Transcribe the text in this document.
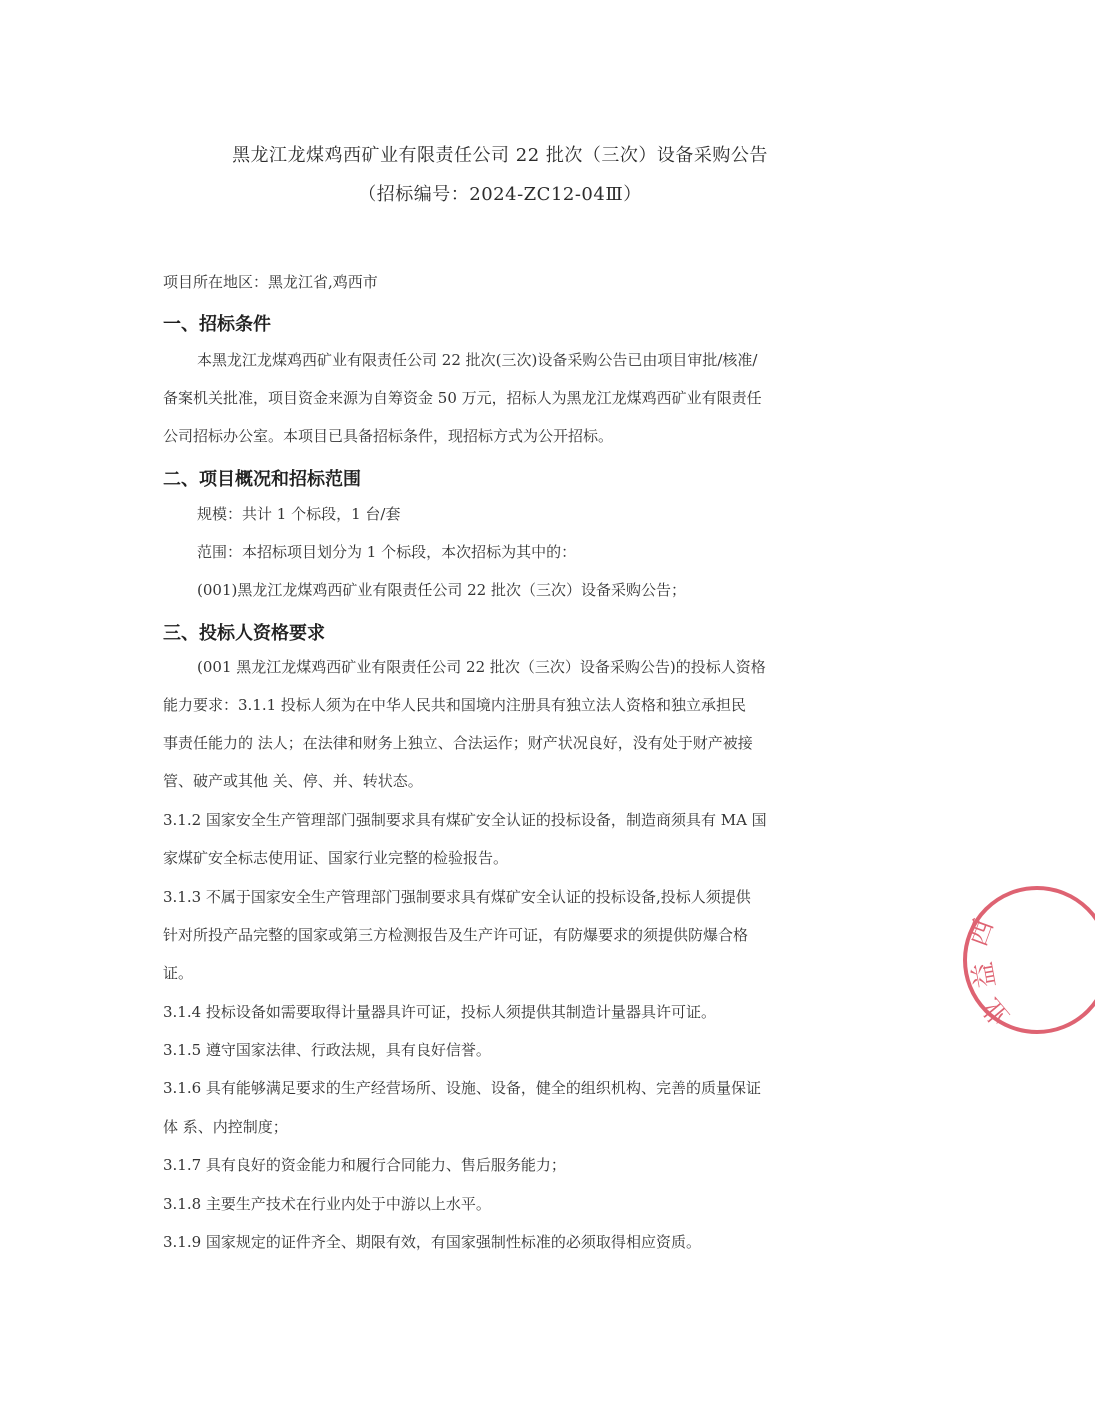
黑龙江龙煤鸡西矿业有限责任公司 22 批次（三次）设备采购公告
（招标编号：2024-ZC12-04Ⅲ）
项目所在地区：黑龙江省,鸡西市
一、招标条件
本黑龙江龙煤鸡西矿业有限责任公司 22 批次(三次)设备采购公告已由项目审批/核准/
备案机关批准，项目资金来源为自筹资金 50 万元，招标人为黑龙江龙煤鸡西矿业有限责任
公司招标办公室。本项目已具备招标条件，现招标方式为公开招标。
二、项目概况和招标范围
规模：共计 1 个标段，1 台/套
范围：本招标项目划分为 1 个标段，本次招标为其中的：
(001)黑龙江龙煤鸡西矿业有限责任公司 22 批次（三次）设备采购公告；
三、投标人资格要求
(001 黑龙江龙煤鸡西矿业有限责任公司 22 批次（三次）设备采购公告)的投标人资格
能力要求：3.1.1 投标人须为在中华人民共和国境内注册具有独立法人资格和独立承担民
事责任能力的 法人；在法律和财务上独立、合法运作；财产状况良好，没有处于财产被接
管、破产或其他 关、停、并、转状态。
3.1.2 国家安全生产管理部门强制要求具有煤矿安全认证的投标设备，制造商须具有 MA 国
家煤矿安全标志使用证、国家行业完整的检验报告。
3.1.3 不属于国家安全生产管理部门强制要求具有煤矿安全认证的投标设备,投标人须提供
针对所投产品完整的国家或第三方检测报告及生产许可证，有防爆要求的须提供防爆合格
证。
3.1.4 投标设备如需要取得计量器具许可证，投标人须提供其制造计量器具许可证。
3.1.5 遵守国家法律、行政法规，具有良好信誉。
3.1.6 具有能够满足要求的生产经营场所、设施、设备，健全的组织机构、完善的质量保证
体 系、内控制度；
3.1.7 具有良好的资金能力和履行合同能力、售后服务能力；
3.1.8 主要生产技术在行业内处于中游以上水平。
3.1.9 国家规定的证件齐全、期限有效，有国家强制性标准的必须取得相应资质。
西
益
业
